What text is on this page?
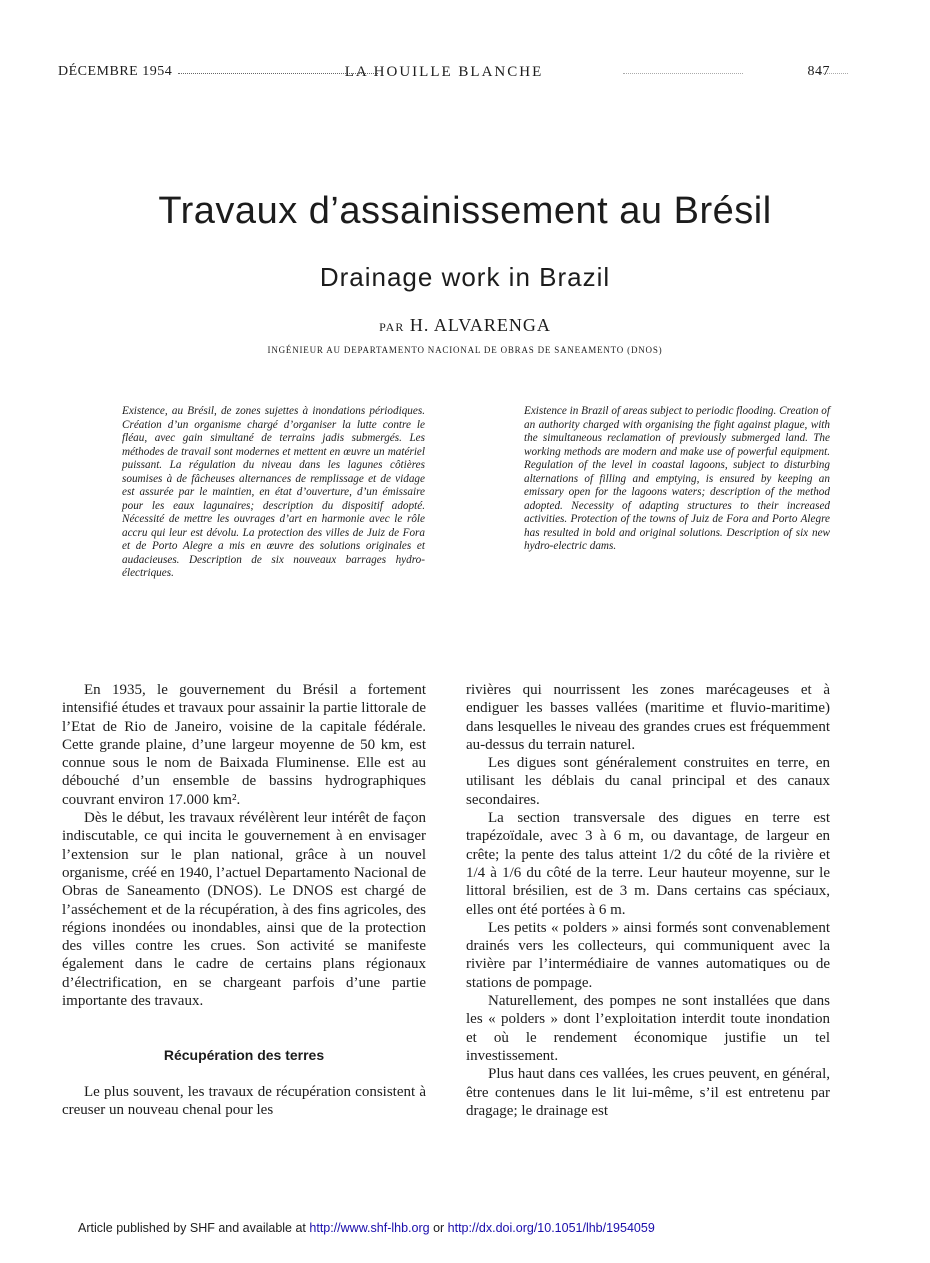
DÉCEMBRE 1954	LA HOUILLE BLANCHE	847
Travaux d’assainissement au Brésil
Drainage work in Brazil
PAR H. ALVARENGA
INGÉNIEUR AU DEPARTAMENTO NACIONAL DE OBRAS DE SANEAMENTO (DNOS)
Existence, au Brésil, de zones sujettes à inondations périodiques. Création d’un organisme chargé d’organiser la lutte contre le fléau, avec gain simultané de terrains jadis submergés. Les méthodes de travail sont modernes et mettent en œuvre un matériel puissant. La régulation du niveau dans les lagunes côtières soumises à de fâcheuses alternances de remplissage et de vidage est assurée par le maintien, en état d’ouverture, d’un émissaire pour les eaux lagunaires; description du dispositif adopté. Nécessité de mettre les ouvrages d’art en harmonie avec le rôle accru qui leur est dévolu. La protection des villes de Juiz de Fora et de Porto Alegre a mis en œuvre des solutions originales et audacieuses. Description de six nouveaux barrages hydro-électriques.
Existence in Brazil of areas subject to periodic flooding. Creation of an authority charged with organising the fight against plague, with the simultaneous reclamation of previously submerged land. The working methods are modern and make use of powerful equipment. Regulation of the level in coastal lagoons, subject to disturbing alternations of filling and emptying, is ensured by keeping an emissary open for the lagoons waters; description of the method adopted. Necessity of adapting structures to their increased activities. Protection of the towns of Juiz de Fora and Porto Alegre has resulted in bold and original solutions. Description of six new hydro-electric dams.

En 1935, le gouvernement du Brésil a fortement intensifié études et travaux pour assainir la partie littorale de l’Etat de Rio de Janeiro, voisine de la capitale fédérale. Cette grande plaine, d’une largeur moyenne de 50 km, est connue sous le nom de Baixada Fluminense. Elle est au débouché d’un ensemble de bassins hydrographiques couvrant environ 17.000 km².

Dès le début, les travaux révélèrent leur intérêt de façon indiscutable, ce qui incita le gouvernement à en envisager l’extension sur le plan national, grâce à un nouvel organisme, créé en 1940, l’actuel Departamento Nacional de Obras de Saneamento (DNOS). Le DNOS est chargé de l’asséchement et de la récupération, à des fins agricoles, des régions inondées ou inondables, ainsi que de la protection des villes contre les crues. Son activité se manifeste également dans le cadre de certains plans régionaux d’électrification, en se chargeant parfois d’une partie importante des travaux.

Récupération des terres

Le plus souvent, les travaux de récupération consistent à creuser un nouveau chenal pour les

rivières qui nourrissent les zones marécageuses et à endiguer les basses vallées (maritime et fluvio-maritime) dans lesquelles le niveau des grandes crues est fréquemment au-dessus du terrain naturel.

Les digues sont généralement construites en terre, en utilisant les déblais du canal principal et des canaux secondaires.

La section transversale des digues en terre est trapézoïdale, avec 3 à 6 m, ou davantage, de largeur en crête; la pente des talus atteint 1/2 du côté de la rivière et 1/4 à 1/6 du côté de la terre. Leur hauteur moyenne, sur le littoral brésilien, est de 3 m. Dans certains cas spéciaux, elles ont été portées à 6 m.

Les petits « polders » ainsi formés sont convenablement drainés vers les collecteurs, qui communiquent avec la rivière par l’intermédiaire de vannes automatiques ou de stations de pompage.

Naturellement, des pompes ne sont installées que dans les « polders » dont l’exploitation interdit toute inondation et où le rendement économique justifie un tel investissement.

Plus haut dans ces vallées, les crues peuvent, en général, être contenues dans le lit lui-même, s’il est entretenu par dragage; le drainage est

Article published by SHF and available at http://www.shf-lhb.org or http://dx.doi.org/10.1051/lhb/1954059
